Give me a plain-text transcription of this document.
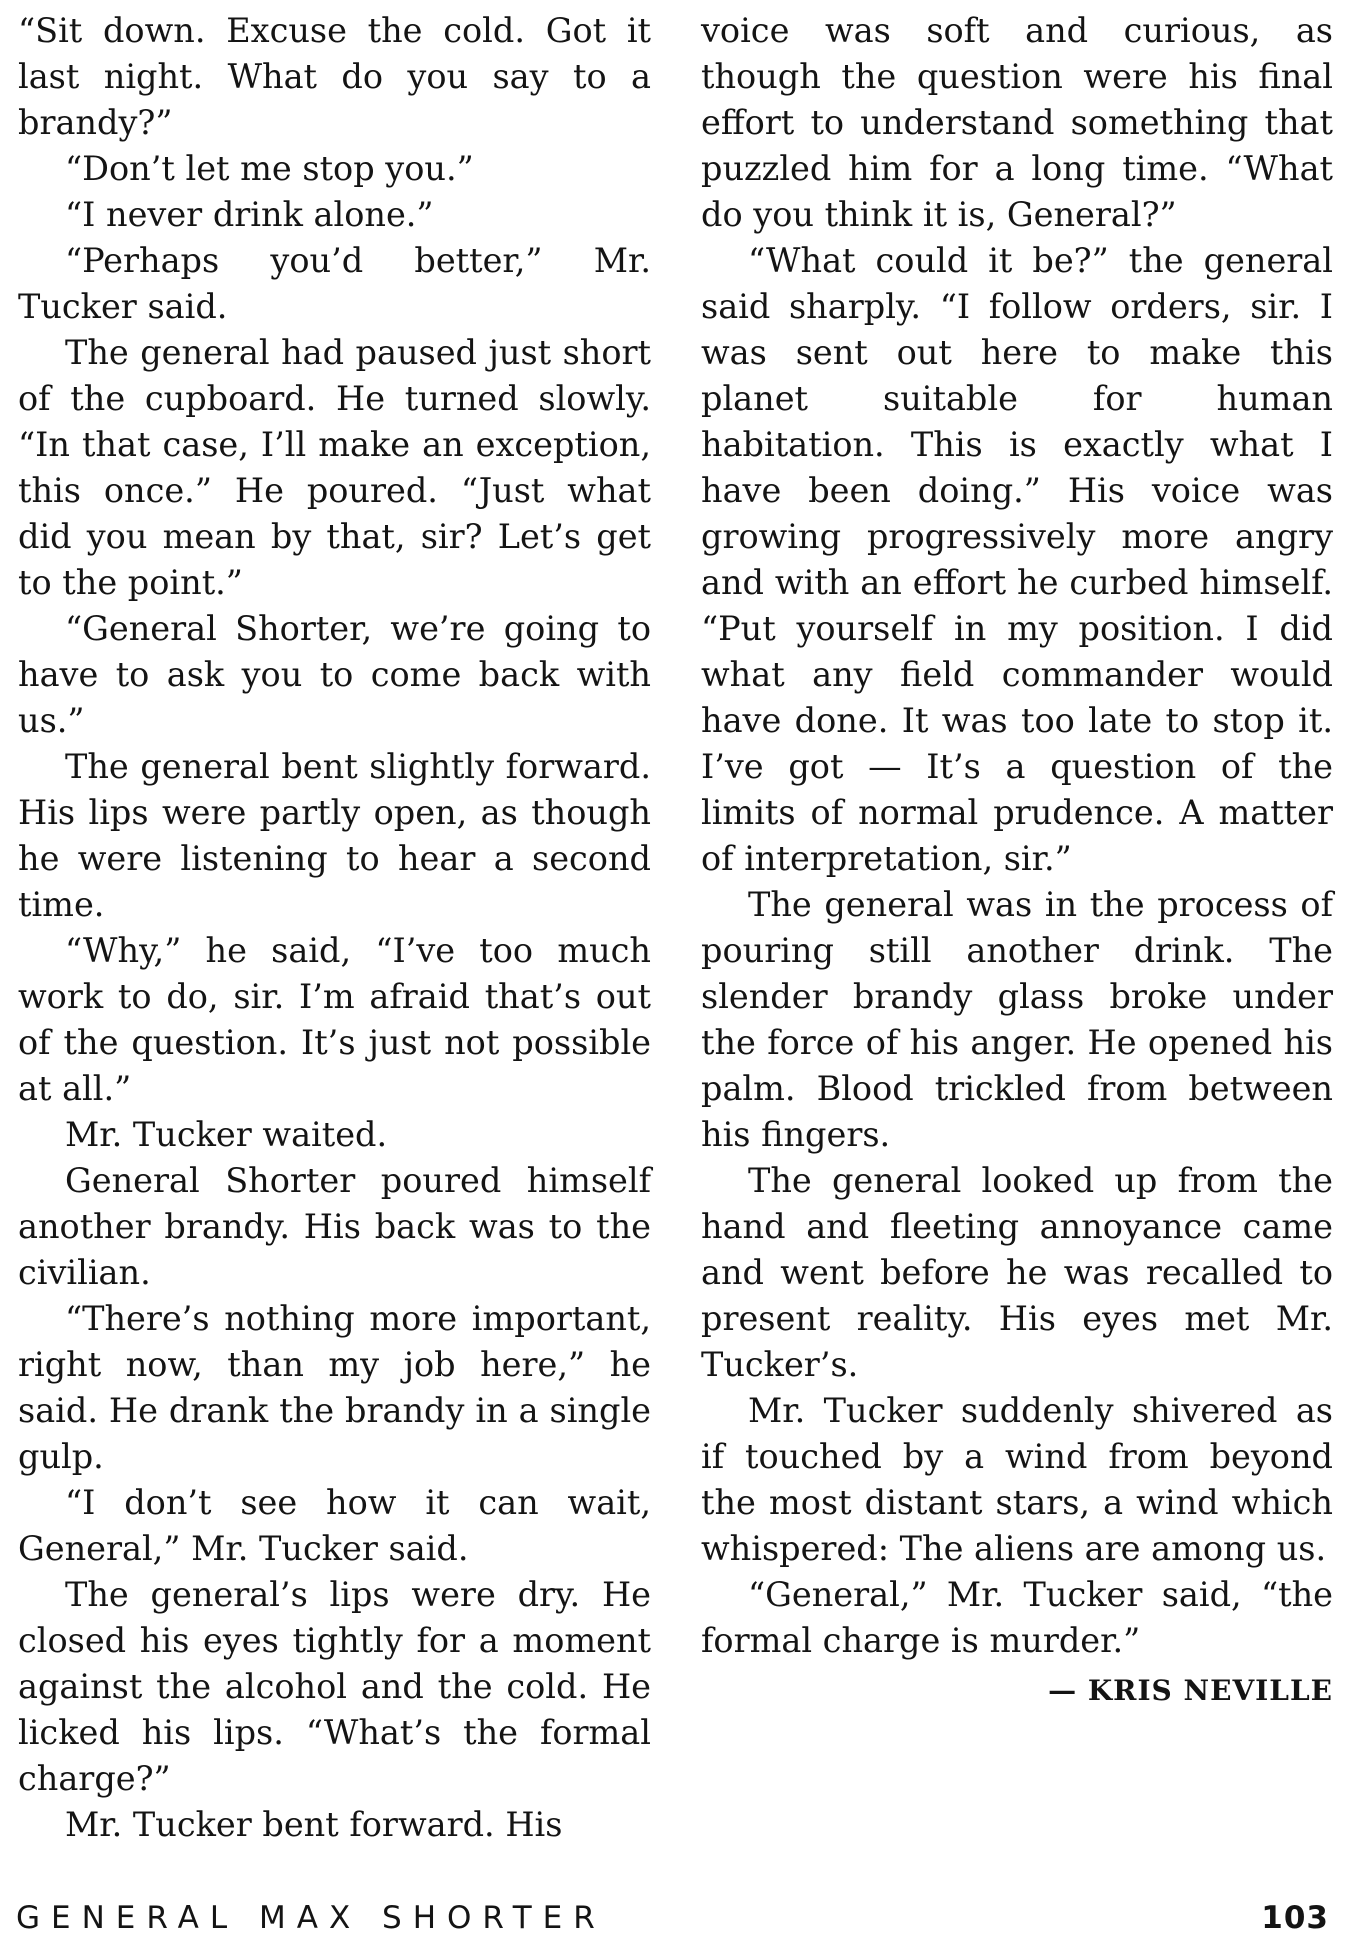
“Sit down. Excuse the cold. Got it last night. What do you say to a brandy?”

“Don’t let me stop you.”

“I never drink alone.”

“Perhaps you’d better,” Mr. Tucker said.

The general had paused just short of the cupboard. He turned slowly. “In that case, I’ll make an exception, this once.” He poured. “Just what did you mean by that, sir? Let’s get to the point.”

“General Shorter, we’re going to have to ask you to come back with us.”

The general bent slightly forward. His lips were partly open, as though he were listening to hear a second time.

“Why,” he said, “I’ve too much work to do, sir. I’m afraid that’s out of the question. It’s just not possible at all.”

Mr. Tucker waited.

General Shorter poured himself another brandy. His back was to the civilian.

“There’s nothing more important, right now, than my job here,” he said. He drank the brandy in a single gulp.

“I don’t see how it can wait, General,” Mr. Tucker said.

The general’s lips were dry. He closed his eyes tightly for a moment against the alcohol and the cold. He licked his lips. “What’s the formal charge?”

Mr. Tucker bent forward. His

voice was soft and curious, as though the question were his final effort to understand something that puzzled him for a long time. “What do you think it is, General?”

“What could it be?” the general said sharply. “I follow orders, sir. I was sent out here to make this planet suitable for human habitation. This is exactly what I have been doing.” His voice was growing progressively more angry and with an effort he curbed himself. “Put yourself in my position. I did what any field commander would have done. It was too late to stop it. I’ve got — It’s a question of the limits of normal prudence. A matter of interpretation, sir.”

The general was in the process of pouring still another drink. The slender brandy glass broke under the force of his anger. He opened his palm. Blood trickled from between his fingers.

The general looked up from the hand and fleeting annoyance came and went before he was recalled to present reality. His eyes met Mr. Tucker’s.

Mr. Tucker suddenly shivered as if touched by a wind from beyond the most distant stars, a wind which whispered: The aliens are among us.

“General,” Mr. Tucker said, “the formal charge is murder.”

— KRIS NEVILLE
GENERAL MAX SHORTER	103
